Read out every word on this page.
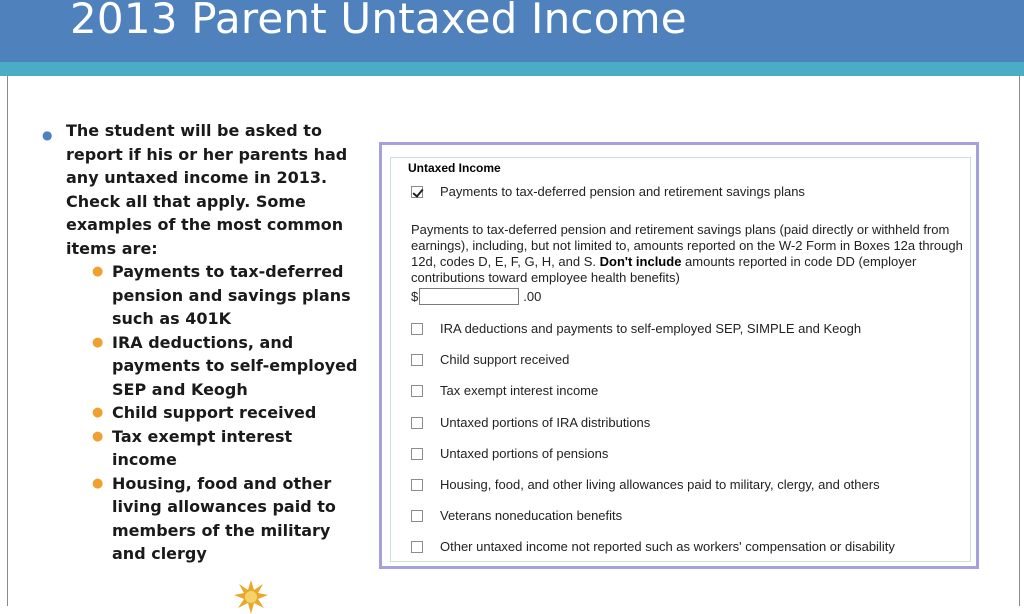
2013 Parent Untaxed Income
● The student will be asked to report if his or her parents had any untaxed income in 2013. Check all that apply. Some examples of the most common items are:
● Payments to tax-deferred pension and savings plans such as 401K
● IRA deductions, and payments to self-employed SEP and Keogh
● Child support received
● Tax exempt interest income
● Housing, food and other living allowances paid to members of the military and clergy
Untaxed Income
Payments to tax-deferred pension and retirement savings plans
Payments to tax-deferred pension and retirement savings plans (paid directly or withheld from earnings), including, but not limited to, amounts reported on the W-2 Form in Boxes 12a through 12d, codes D, E, F, G, H, and S. Don't include amounts reported in code DD (employer contributions toward employee health benefits)
$	.00
IRA deductions and payments to self-employed SEP, SIMPLE and Keogh
Child support received
Tax exempt interest income
Untaxed portions of IRA distributions
Untaxed portions of pensions
Housing, food, and other living allowances paid to military, clergy, and others
Veterans noneducation benefits
Other untaxed income not reported such as workers' compensation or disability
